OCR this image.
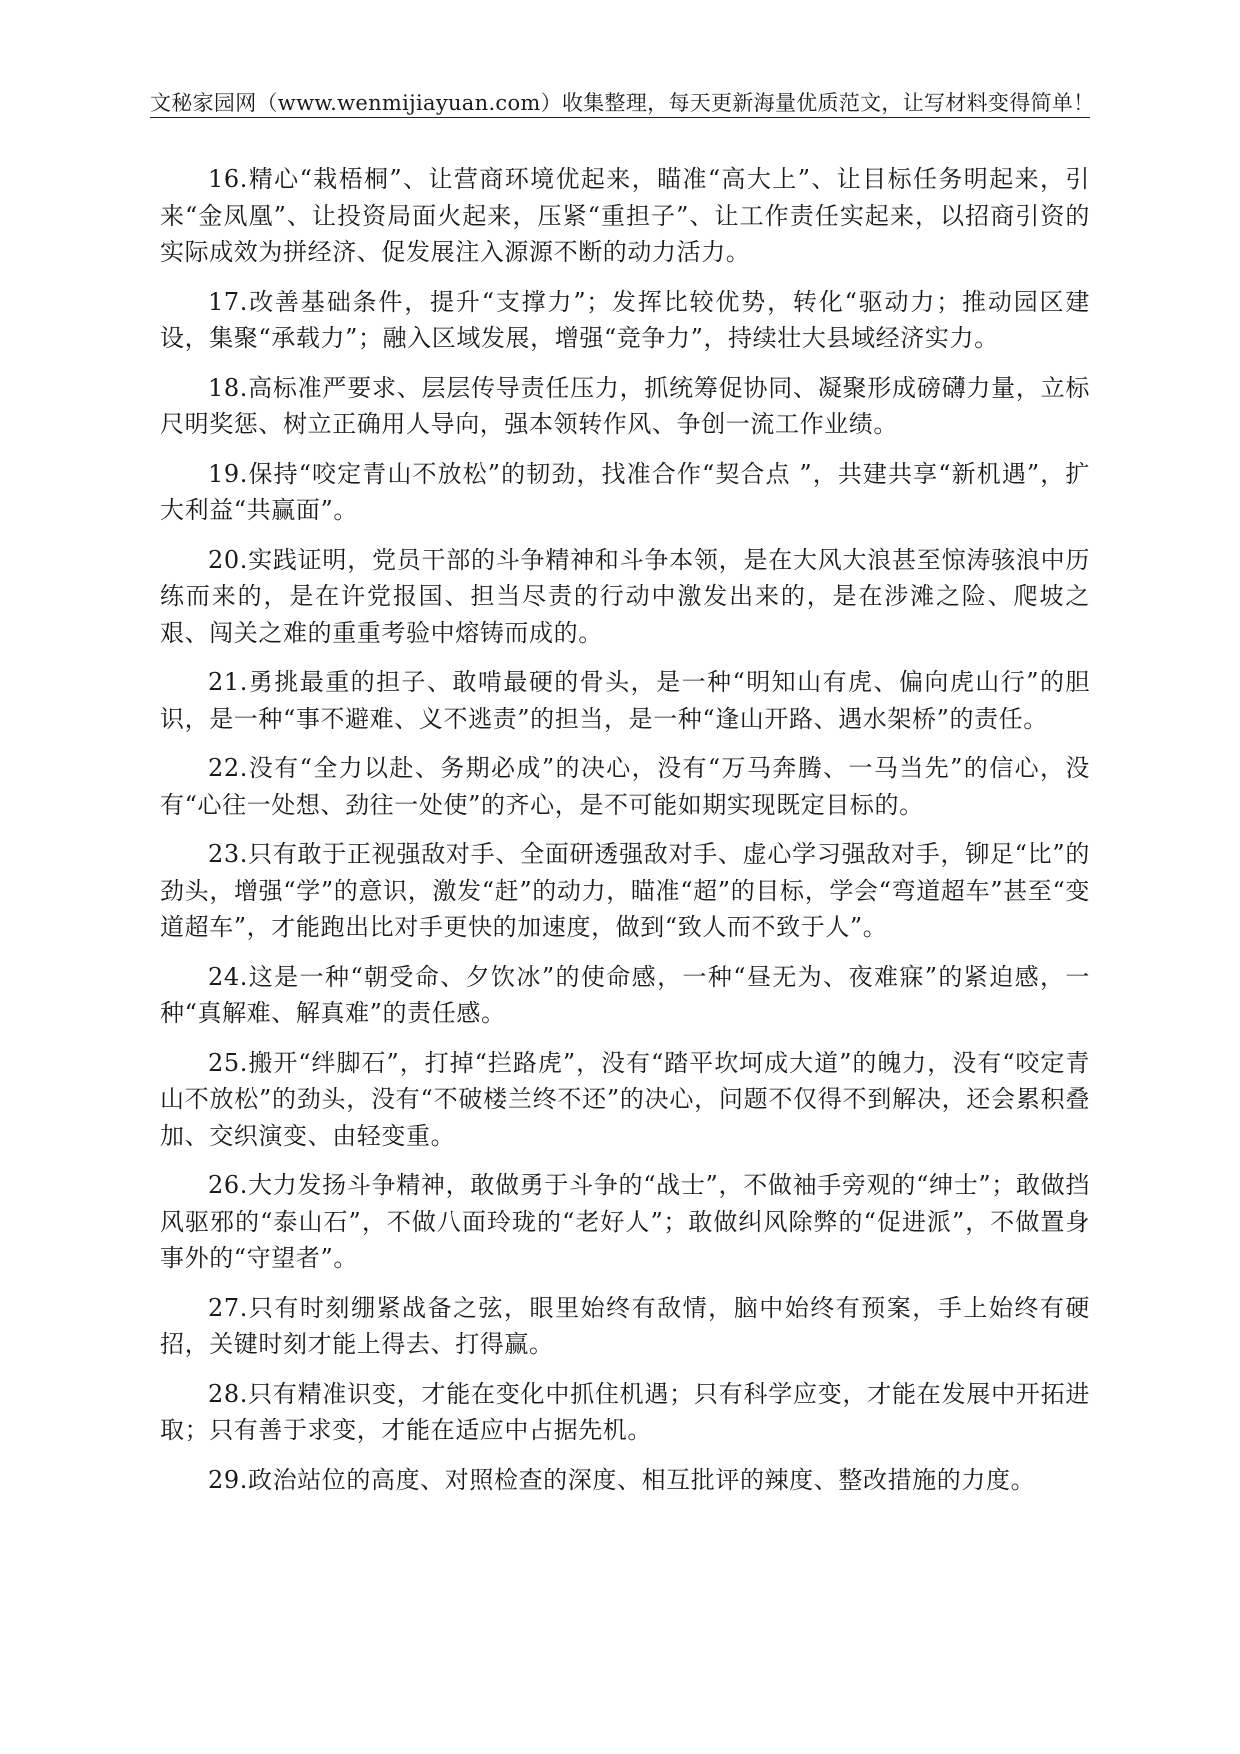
文秘家园网（www.wenmijiayuan.com）收集整理，每天更新海量优质范文，让写材料变得简单！

16.精心“栽梧桐”、让营商环境优起来，瞄准“高大上”、让目标任务明起来，引来“金凤凰”、让投资局面火起来，压紧“重担子”、让工作责任实起来，以招商引资的实际成效为拼经济、促发展注入源源不断的动力活力。

17.改善基础条件，提升“支撑力”；发挥比较优势，转化“驱动力；推动园区建设，集聚“承载力”；融入区域发展，增强“竞争力”，持续壮大县域经济实力。

18.高标准严要求、层层传导责任压力，抓统筹促协同、凝聚形成磅礴力量，立标尺明奖惩、树立正确用人导向，强本领转作风、争创一流工作业绩。

19.保持“咬定青山不放松”的韧劲，找准合作“契合点 ”，共建共享“新机遇”，扩大利益“共赢面”。

20.实践证明，党员干部的斗争精神和斗争本领，是在大风大浪甚至惊涛骇浪中历练而来的，是在许党报国、担当尽责的行动中激发出来的，是在涉滩之险、爬坡之艰、闯关之难的重重考验中熔铸而成的。

21.勇挑最重的担子、敢啃最硬的骨头，是一种“明知山有虎、偏向虎山行”的胆识，是一种“事不避难、义不逃责”的担当，是一种“逢山开路、遇水架桥”的责任。

22.没有“全力以赴、务期必成”的决心，没有“万马奔腾、一马当先”的信心，没有“心往一处想、劲往一处使”的齐心，是不可能如期实现既定目标的。

23.只有敢于正视强敌对手、全面研透强敌对手、虚心学习强敌对手，铆足“比”的劲头，增强“学”的意识，激发“赶”的动力，瞄准“超”的目标，学会“弯道超车”甚至“变道超车”，才能跑出比对手更快的加速度，做到“致人而不致于人”。

24.这是一种“朝受命、夕饮冰”的使命感，一种“昼无为、夜难寐”的紧迫感，一种“真解难、解真难”的责任感。

25.搬开“绊脚石”，打掉“拦路虎”，没有“踏平坎坷成大道”的魄力，没有“咬定青山不放松”的劲头，没有“不破楼兰终不还”的决心，问题不仅得不到解决，还会累积叠加、交织演变、由轻变重。

26.大力发扬斗争精神，敢做勇于斗争的“战士”，不做袖手旁观的“绅士”；敢做挡风驱邪的“泰山石”，不做八面玲珑的“老好人”；敢做纠风除弊的“促进派”，不做置身事外的“守望者”。

27.只有时刻绷紧战备之弦，眼里始终有敌情，脑中始终有预案，手上始终有硬招，关键时刻才能上得去、打得赢。

28.只有精准识变，才能在变化中抓住机遇；只有科学应变，才能在发展中开拓进取；只有善于求变，才能在适应中占据先机。

29.政治站位的高度、对照检查的深度、相互批评的辣度、整改措施的力度。
